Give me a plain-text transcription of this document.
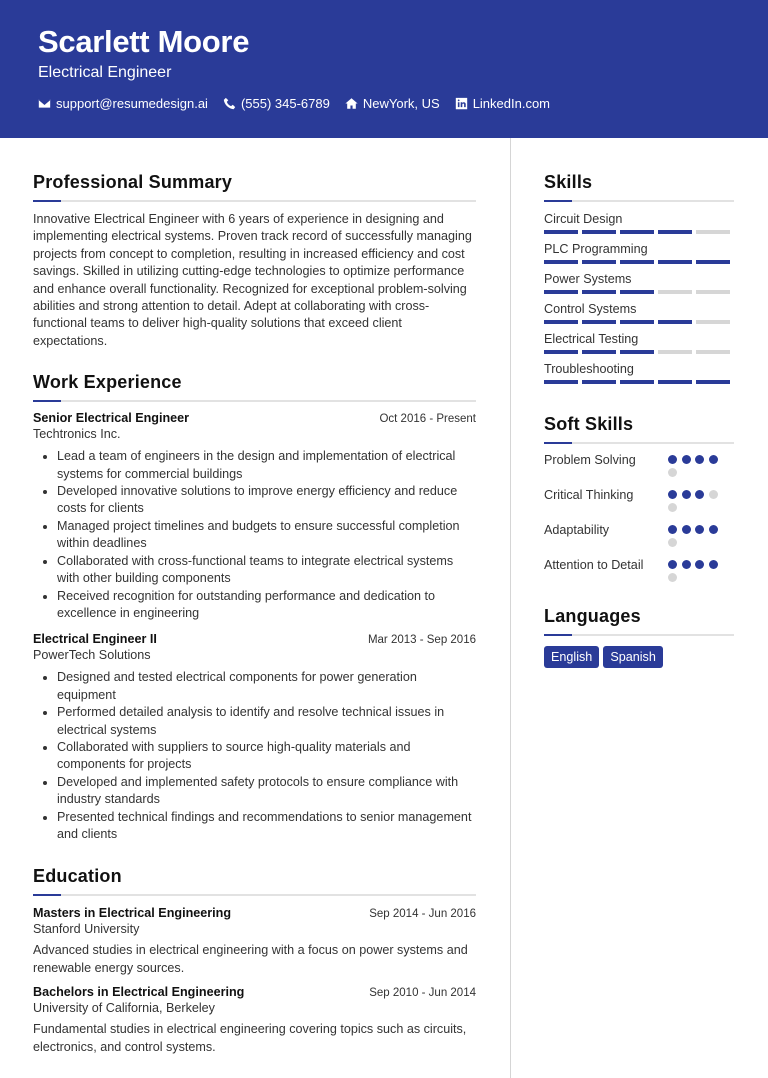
Scarlett Moore
Electrical Engineer
support@resumedesign.ai	(555) 345-6789	NewYork, US	LinkedIn.com
Professional Summary
Innovative Electrical Engineer with 6 years of experience in designing and implementing electrical systems. Proven track record of successfully managing projects from concept to completion, resulting in increased efficiency and cost savings. Skilled in utilizing cutting-edge technologies to optimize performance and enhance overall functionality. Recognized for exceptional problem-solving abilities and strong attention to detail. Adept at collaborating with cross-functional teams to deliver high-quality solutions that exceed client expectations.
Work Experience
Senior Electrical Engineer	Oct 2016 - Present
Techtronics Inc.
• Lead a team of engineers in the design and implementation of electrical systems for commercial buildings
• Developed innovative solutions to improve energy efficiency and reduce costs for clients
• Managed project timelines and budgets to ensure successful completion within deadlines
• Collaborated with cross-functional teams to integrate electrical systems with other building components
• Received recognition for outstanding performance and dedication to excellence in engineering
Electrical Engineer II	Mar 2013 - Sep 2016
PowerTech Solutions
• Designed and tested electrical components for power generation equipment
• Performed detailed analysis to identify and resolve technical issues in electrical systems
• Collaborated with suppliers to source high-quality materials and components for projects
• Developed and implemented safety protocols to ensure compliance with industry standards
• Presented technical findings and recommendations to senior management and clients
Education
Masters in Electrical Engineering	Sep 2014 - Jun 2016
Stanford University
Advanced studies in electrical engineering with a focus on power systems and renewable energy sources.
Bachelors in Electrical Engineering	Sep 2010 - Jun 2014
University of California, Berkeley
Fundamental studies in electrical engineering covering topics such as circuits, electronics, and control systems.
Skills
Circuit Design
PLC Programming
Power Systems
Control Systems
Electrical Testing
Troubleshooting
Soft Skills
Problem Solving
Critical Thinking
Adaptability
Attention to Detail
Languages
English	Spanish
